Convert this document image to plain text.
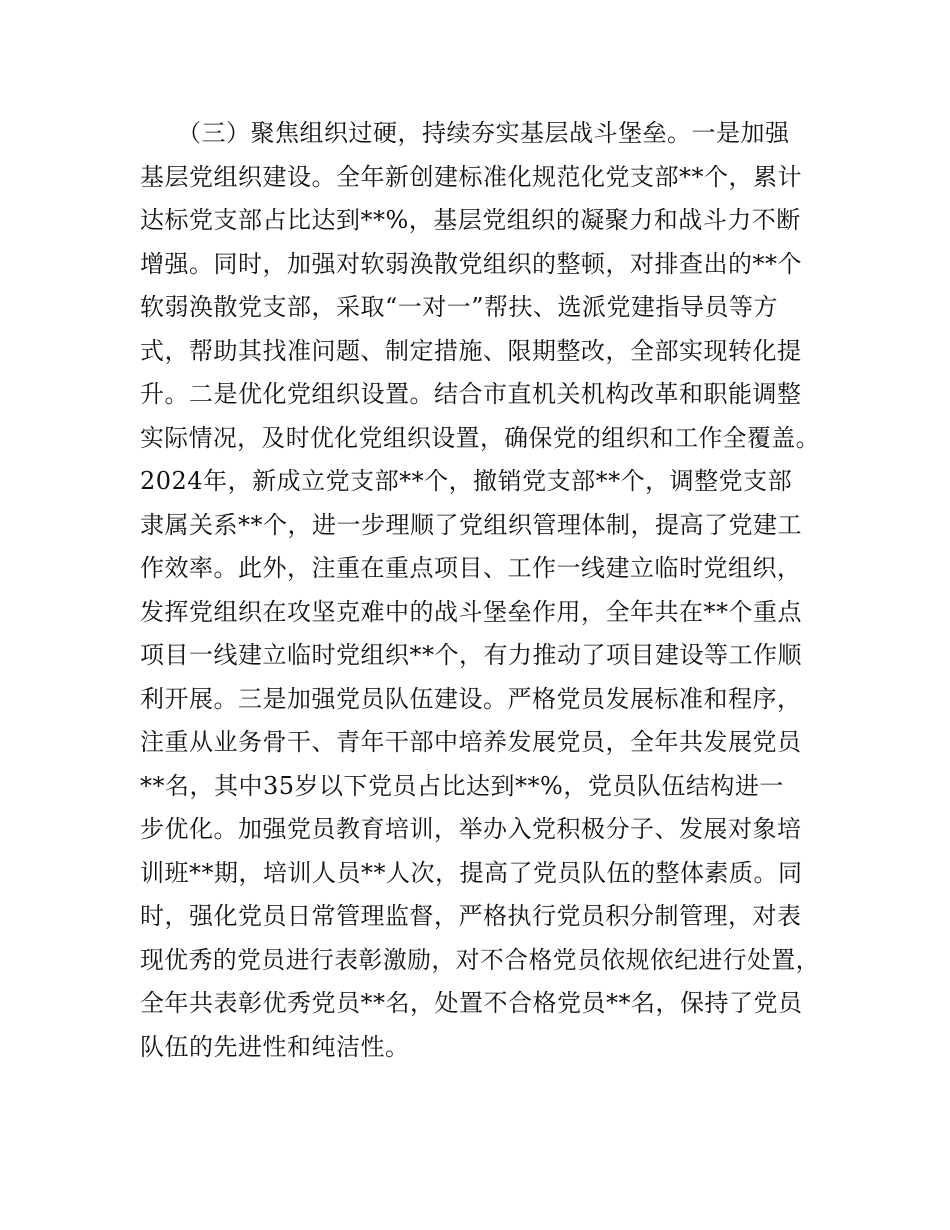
　　（三）聚焦组织过硬，持续夯实基层战斗堡垒。一是加强
基层党组织建设。全年新创建标准化规范化党支部**个，累计
达标党支部占比达到**%，基层党组织的凝聚力和战斗力不断
增强。同时，加强对软弱涣散党组织的整顿，对排查出的**个
软弱涣散党支部，采取“一对一”帮扶、选派党建指导员等方
式，帮助其找准问题、制定措施、限期整改，全部实现转化提
升。二是优化党组织设置。结合市直机关机构改革和职能调整
实际情况，及时优化党组织设置，确保党的组织和工作全覆盖。
2024年，新成立党支部**个，撤销党支部**个，调整党支部
隶属关系**个，进一步理顺了党组织管理体制，提高了党建工
作效率。此外，注重在重点项目、工作一线建立临时党组织，
发挥党组织在攻坚克难中的战斗堡垒作用，全年共在**个重点
项目一线建立临时党组织**个，有力推动了项目建设等工作顺
利开展。三是加强党员队伍建设。严格党员发展标准和程序，
注重从业务骨干、青年干部中培养发展党员，全年共发展党员
**名，其中35岁以下党员占比达到**%，党员队伍结构进一
步优化。加强党员教育培训，举办入党积极分子、发展对象培
训班**期，培训人员**人次，提高了党员队伍的整体素质。同
时，强化党员日常管理监督，严格执行党员积分制管理，对表
现优秀的党员进行表彰激励，对不合格党员依规依纪进行处置，
全年共表彰优秀党员**名，处置不合格党员**名，保持了党员
队伍的先进性和纯洁性。
